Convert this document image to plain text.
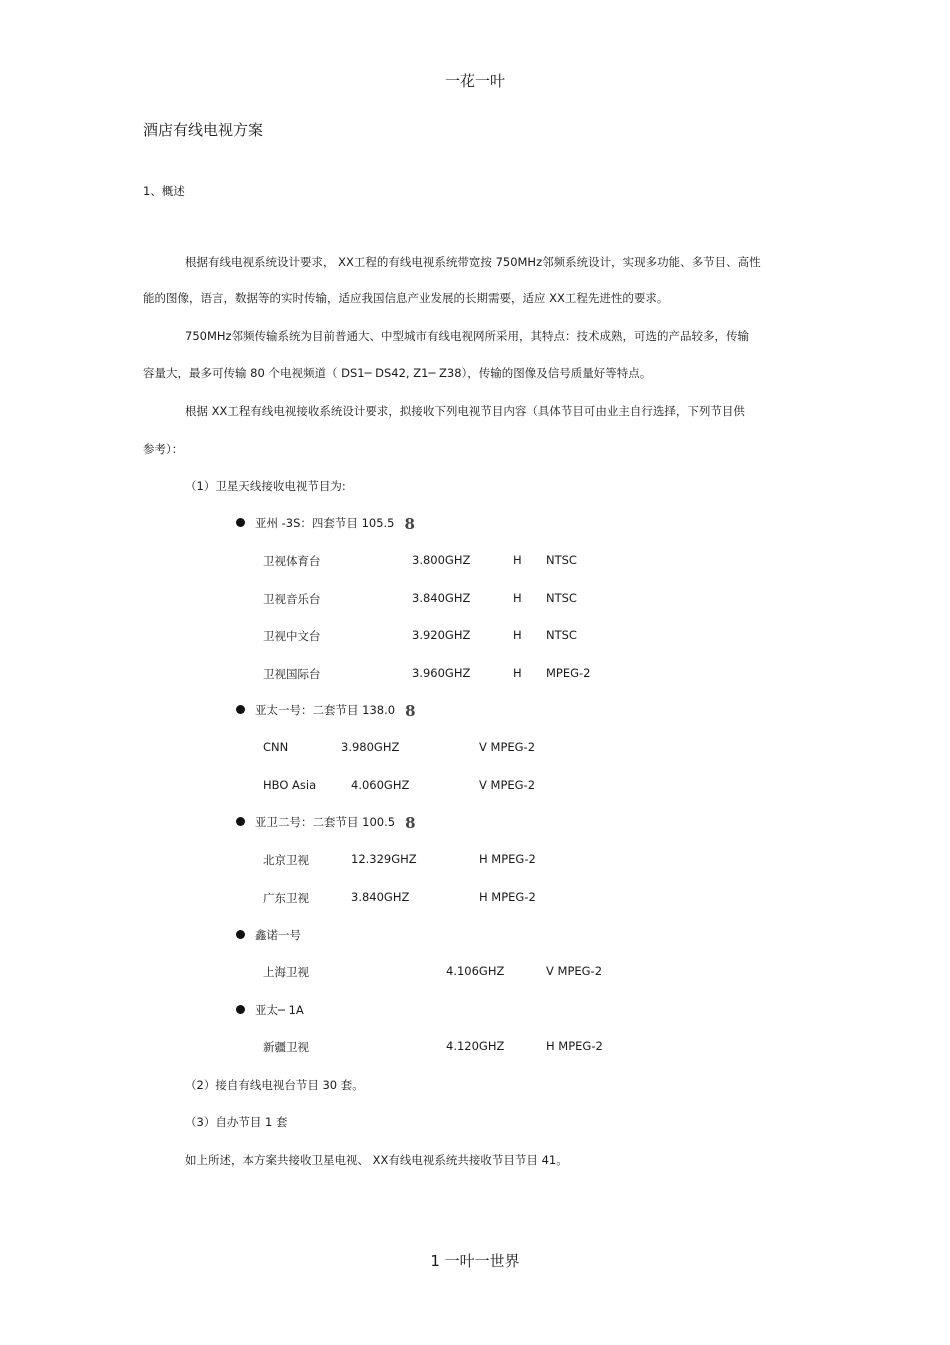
一花一叶
酒店有线电视方案
1、概述
根据有线电视系统设计要求， XX工程的有线电视系统带宽按 750MHz邻频系统设计，实现多功能、多节目、高性
能的图像，语言，数据等的实时传输，适应我国信息产业发展的长期需要，适应 XX工程先进性的要求。
750MHz邻频传输系统为目前普通大、中型城市有线电视网所采用，其特点：技术成熟，可选的产品较多，传输
容量大，最多可传输 80 个电视频道（ DS1─ DS42, Z1─ Z38），传输的图像及信号质量好等特点。
根据 XX工程有线电视接收系统设计要求，拟接收下列电视节目内容（具体节目可由业主自行选择，下列节目供
参考）：
（1）卫星天线接收电视节目为:
亚州 -3S：四套节目 105.5 8
卫视体育台	3.800GHZ	H NTSC
卫视音乐台	3.840GHZ	H NTSC
卫视中文台	3.920GHZ	H NTSC
卫视国际台	3.960GHZ	H MPEG-2
亚太一号：二套节目 138.0 8
CNN	3.980GHZ	V MPEG-2
HBO Asia	4.060GHZ	V MPEG-2
亚卫二号：二套节目 100.5 8
北京卫视	12.329GHZ	H MPEG-2
广东卫视	3.840GHZ	H MPEG-2
鑫诺一号
上海卫视	4.106GHZ	V MPEG-2
亚太─ 1A
新疆卫视	4.120GHZ	H MPEG-2
（2）接自有线电视台节目 30 套。
（3）自办节目 1 套
如上所述，本方案共接收卫星电视、 XX有线电视系统共接收节目节目 41。
1 一叶一世界
